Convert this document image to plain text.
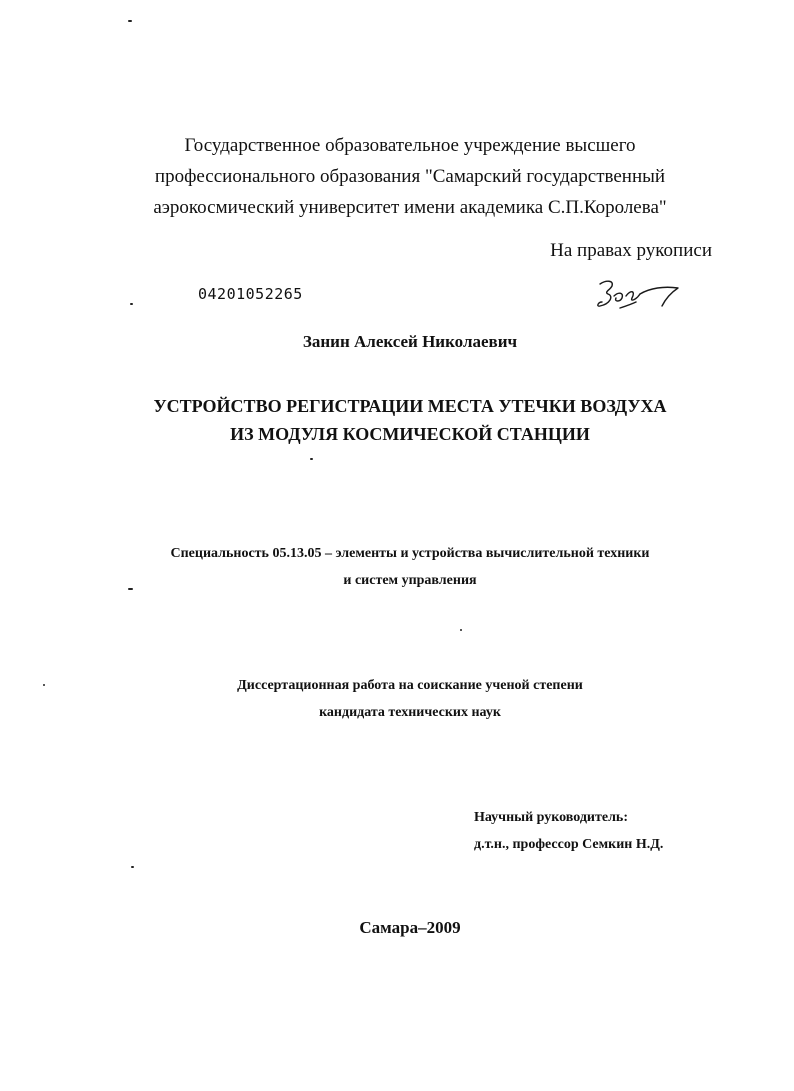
Государственное образовательное учреждение высшего
профессионального образования "Самарский государственный
аэрокосмический университет имени академика С.П.Королева"
На правах рукописи
04201052265
Занин Алексей Николаевич
УСТРОЙСТВО РЕГИСТРАЦИИ МЕСТА УТЕЧКИ ВОЗДУХА
ИЗ МОДУЛЯ КОСМИЧЕСКОЙ СТАНЦИИ
Специальность 05.13.05 – элементы и устройства вычислительной техники
и систем управления
Диссертационная работа на соискание ученой степени
кандидата технических наук
Научный руководитель:
д.т.н., профессор Семкин Н.Д.
Самара–2009
